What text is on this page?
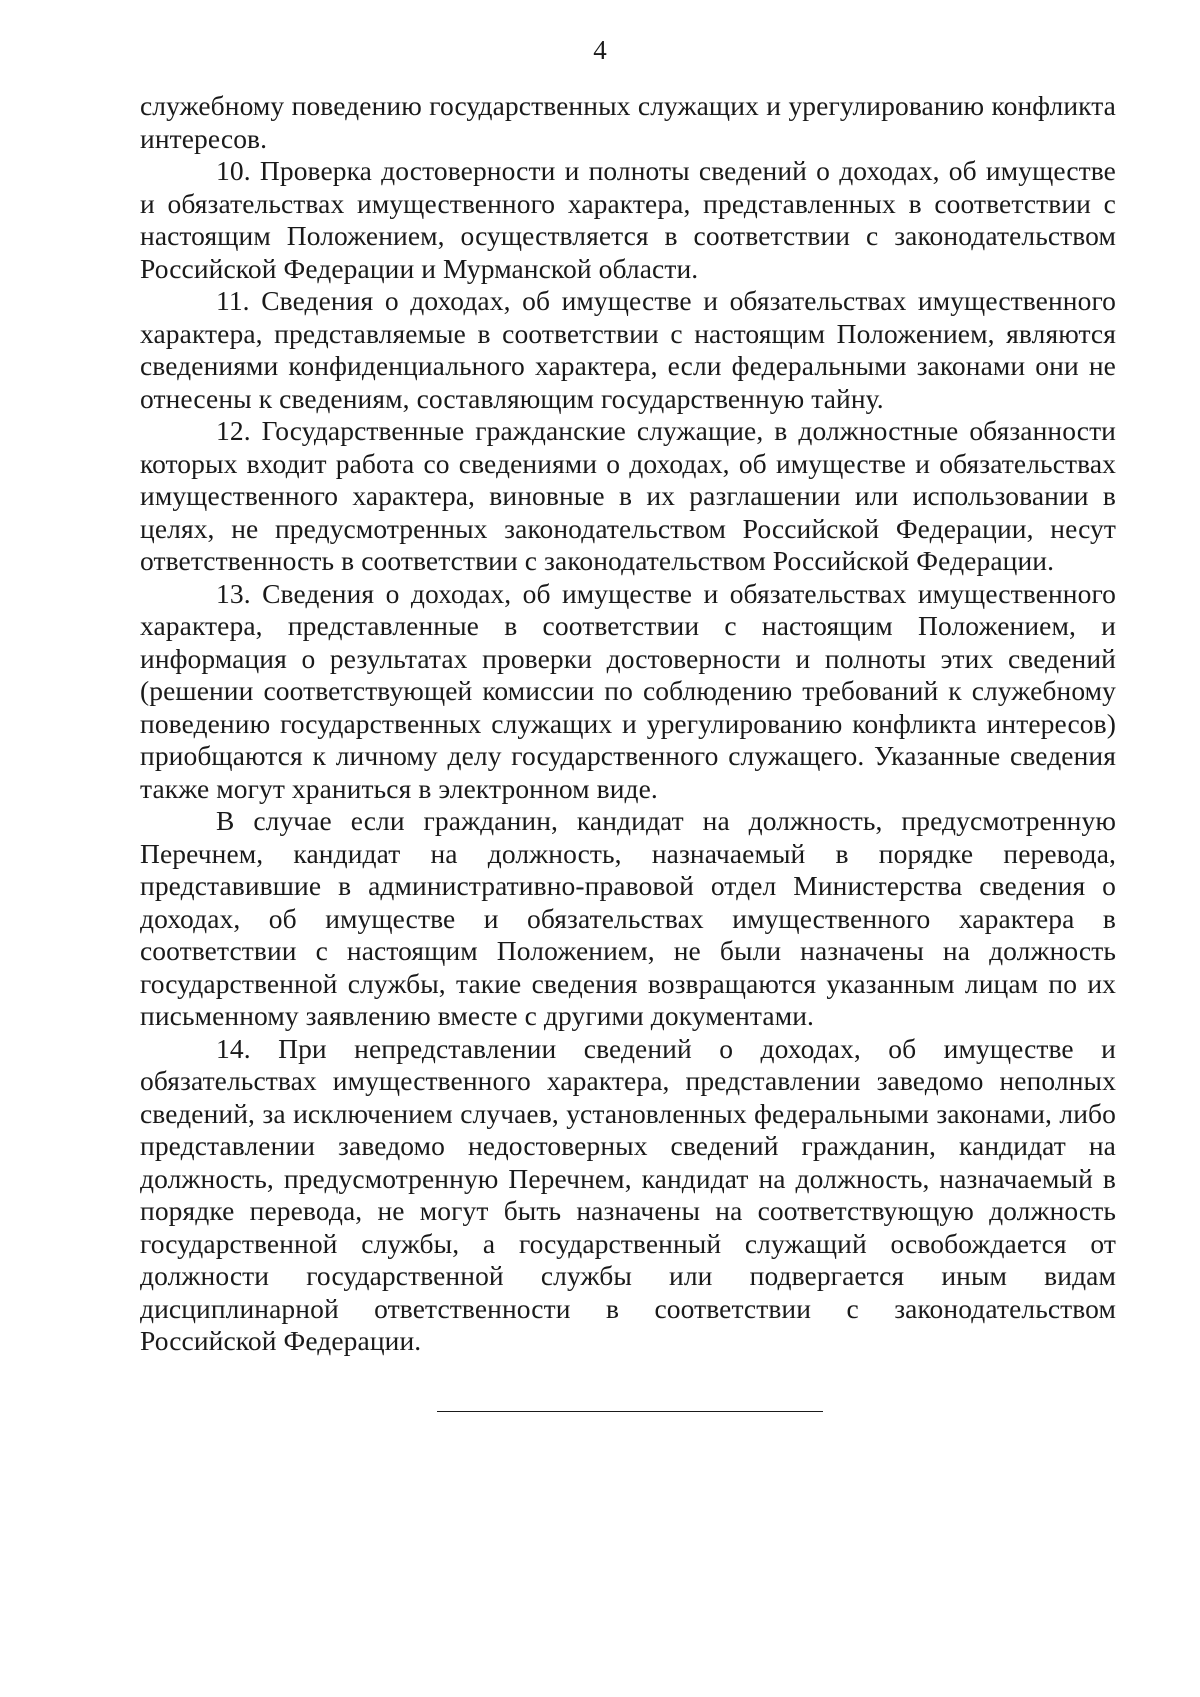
4

служебному поведению государственных служащих и урегулированию конфликта интересов.

10. Проверка достоверности и полноты сведений о доходах, об имуществе и обязательствах имущественного характера, представленных в соответствии с настоящим Положением, осуществляется в соответствии с законодательством Российской Федерации и Мурманской области.

11. Сведения о доходах, об имуществе и обязательствах имущественного характера, представляемые в соответствии с настоящим Положением, являются сведениями конфиденциального характера, если федеральными законами они не отнесены к сведениям, составляющим государственную тайну.

12. Государственные гражданские служащие, в должностные обязанности которых входит работа со сведениями о доходах, об имуществе и обязательствах имущественного характера, виновные в их разглашении или использовании в целях, не предусмотренных законодательством Российской Федерации, несут ответственность в соответствии с законодательством Российской Федерации.

13. Сведения о доходах, об имуществе и обязательствах имущественного характера, представленные в соответствии с настоящим Положением, и информация о результатах проверки достоверности и полноты этих сведений (решении соответствующей комиссии по соблюдению требований к служебному поведению государственных служащих и урегулированию конфликта интересов) приобщаются к личному делу государственного служащего. Указанные сведения также могут храниться в электронном виде.

В случае если гражданин, кандидат на должность, предусмотренную Перечнем, кандидат на должность, назначаемый в порядке перевода, представившие в административно-правовой отдел Министерства сведения о доходах, об имуществе и обязательствах имущественного характера в соответствии с настоящим Положением, не были назначены на должность государственной службы, такие сведения возвращаются указанным лицам по их письменному заявлению вместе с другими документами.

14. При непредставлении сведений о доходах, об имуществе и обязательствах имущественного характера, представлении заведомо неполных сведений, за исключением случаев, установленных федеральными законами, либо представлении заведомо недостоверных сведений гражданин, кандидат на должность, предусмотренную Перечнем, кандидат на должность, назначаемый в порядке перевода, не могут быть назначены на соответствующую должность государственной службы, а государственный служащий освобождается от должности государственной службы или подвергается иным видам дисциплинарной ответственности в соответствии с законодательством Российской Федерации.
